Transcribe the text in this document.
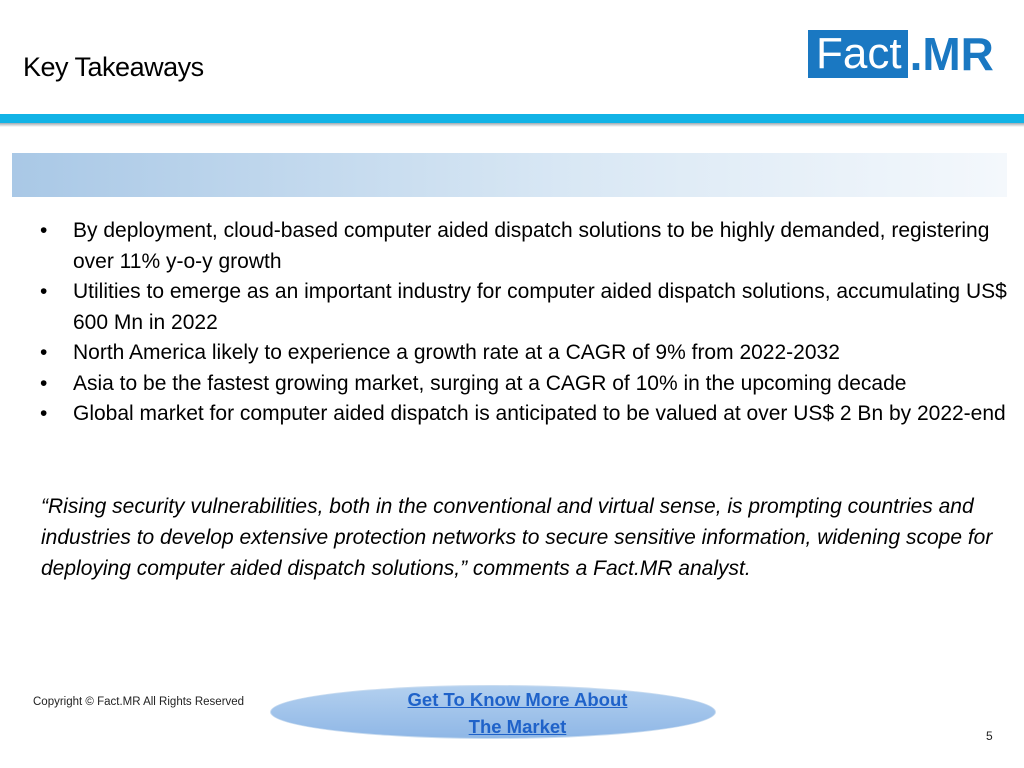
Key Takeaways	Fact .MR
•	By deployment, cloud-based computer aided dispatch solutions to be highly demanded, registering over 11% y-o-y growth
•	Utilities to emerge as an important industry for computer aided dispatch solutions, accumulating US$ 600 Mn in 2022
•	North America likely to experience a growth rate at a CAGR of 9% from 2022-2032
•	Asia to be the fastest growing market, surging at a CAGR of 10% in the upcoming decade
•	Global market for computer aided dispatch is anticipated to be valued at over US$ 2 Bn by 2022-end

“Rising security vulnerabilities, both in the conventional and virtual sense, is prompting countries and industries to develop extensive protection networks to secure sensitive information, widening scope for deploying computer aided dispatch solutions,” comments a Fact.MR analyst.

Copyright © Fact.MR All Rights Reserved	Get To Know More About
The Market	5
